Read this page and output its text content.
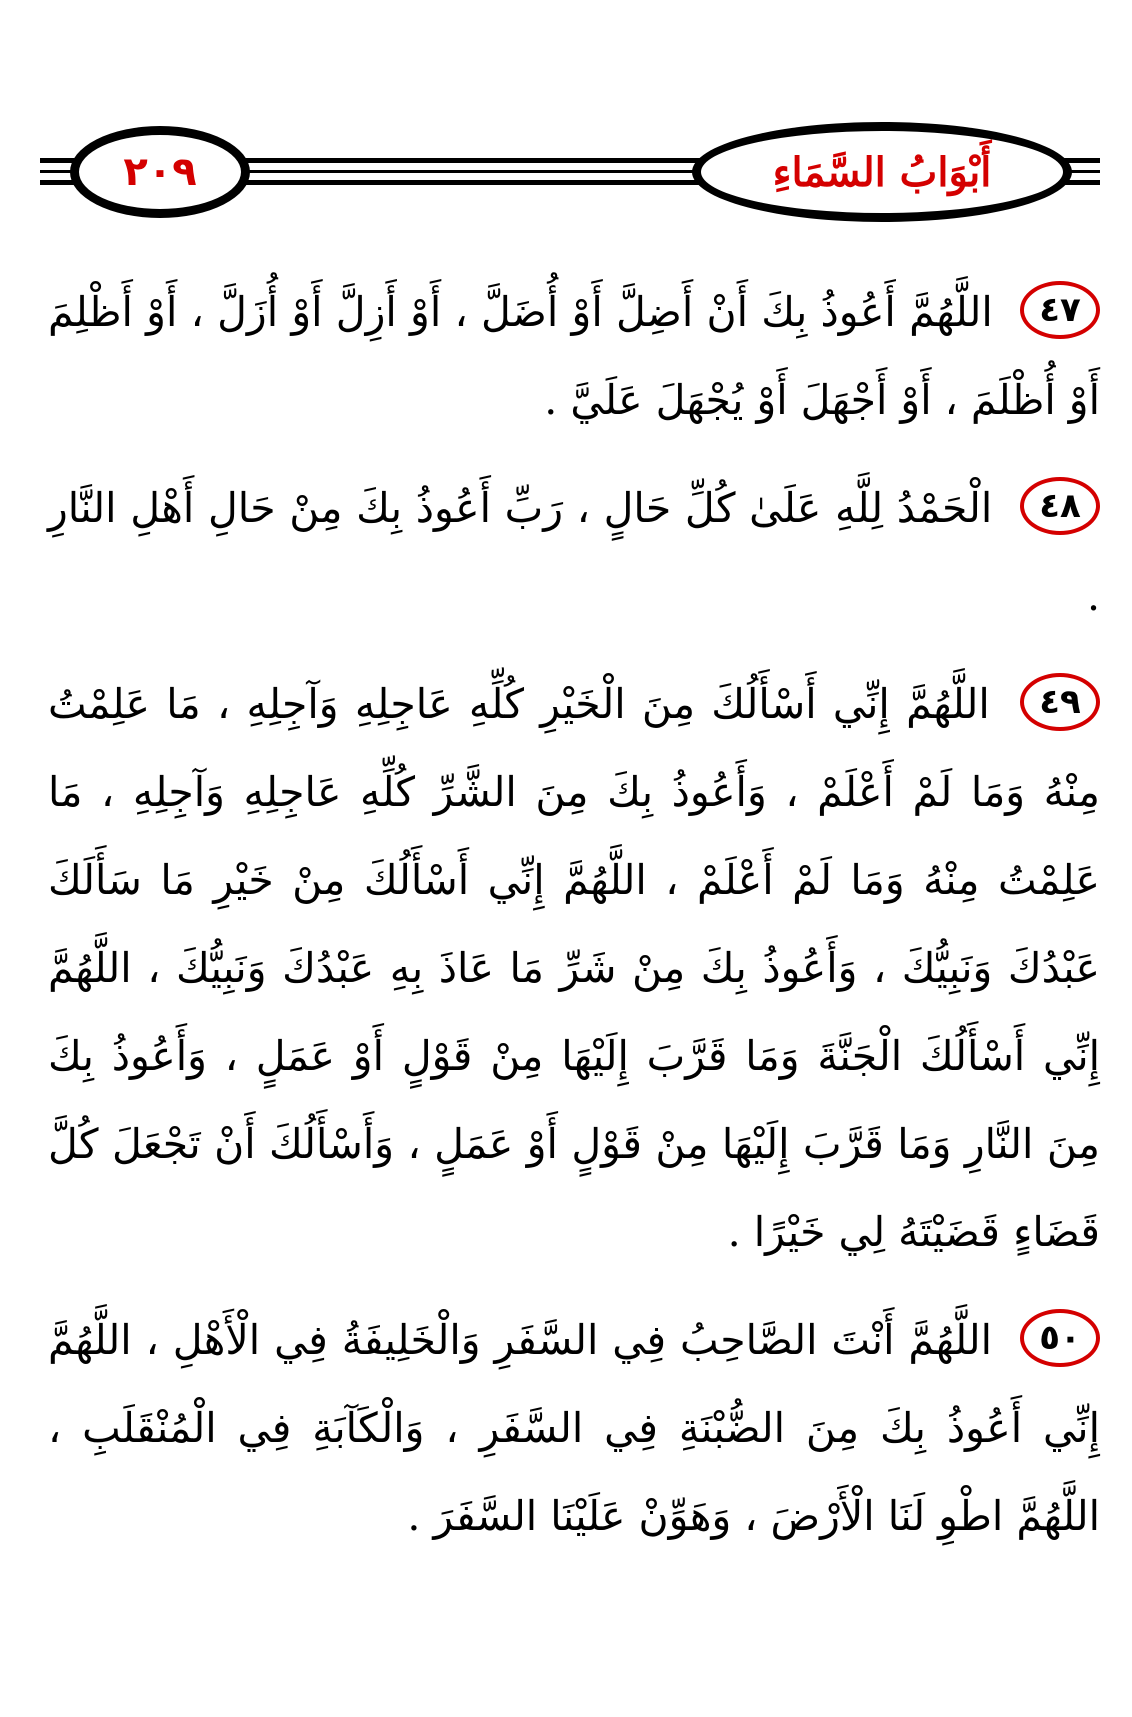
٢٠٩	أَبْوَابُ السَّمَاءِ

٤٧ اللَّهُمَّ أَعُوذُ بِكَ أَنْ أَضِلَّ أَوْ أُضَلَّ ، أَوْ أَزِلَّ أَوْ أُزَلَّ ، أَوْ أَظْلِمَ أَوْ أُظْلَمَ ، أَوْ أَجْهَلَ أَوْ يُجْهَلَ عَلَيَّ .

٤٨ الْحَمْدُ لِلَّهِ عَلَىٰ كُلِّ حَالٍ ، رَبِّ أَعُوذُ بِكَ مِنْ حَالِ أَهْلِ النَّارِ .

٤٩ اللَّهُمَّ إِنِّي أَسْأَلُكَ مِنَ الْخَيْرِ كُلِّهِ عَاجِلِهِ وَآجِلِهِ ، مَا عَلِمْتُ مِنْهُ وَمَا لَمْ أَعْلَمْ ، وَأَعُوذُ بِكَ مِنَ الشَّرِّ كُلِّهِ عَاجِلِهِ وَآجِلِهِ ، مَا عَلِمْتُ مِنْهُ وَمَا لَمْ أَعْلَمْ ، اللَّهُمَّ إِنِّي أَسْأَلُكَ مِنْ خَيْرِ مَا سَأَلَكَ عَبْدُكَ وَنَبِيُّكَ ، وَأَعُوذُ بِكَ مِنْ شَرِّ مَا عَاذَ بِهِ عَبْدُكَ وَنَبِيُّكَ ، اللَّهُمَّ إِنِّي أَسْأَلُكَ الْجَنَّةَ وَمَا قَرَّبَ إِلَيْهَا مِنْ قَوْلٍ أَوْ عَمَلٍ ، وَأَعُوذُ بِكَ مِنَ النَّارِ وَمَا قَرَّبَ إِلَيْهَا مِنْ قَوْلٍ أَوْ عَمَلٍ ، وَأَسْأَلُكَ أَنْ تَجْعَلَ كُلَّ قَضَاءٍ قَضَيْتَهُ لِي خَيْرًا .

٥٠ اللَّهُمَّ أَنْتَ الصَّاحِبُ فِي السَّفَرِ وَالْخَلِيفَةُ فِي الْأَهْلِ ، اللَّهُمَّ إِنِّي أَعُوذُ بِكَ مِنَ الضُّبْنَةِ فِي السَّفَرِ ، وَالْكَآبَةِ فِي الْمُنْقَلَبِ ، اللَّهُمَّ اطْوِ لَنَا الْأَرْضَ ، وَهَوِّنْ عَلَيْنَا السَّفَرَ .
